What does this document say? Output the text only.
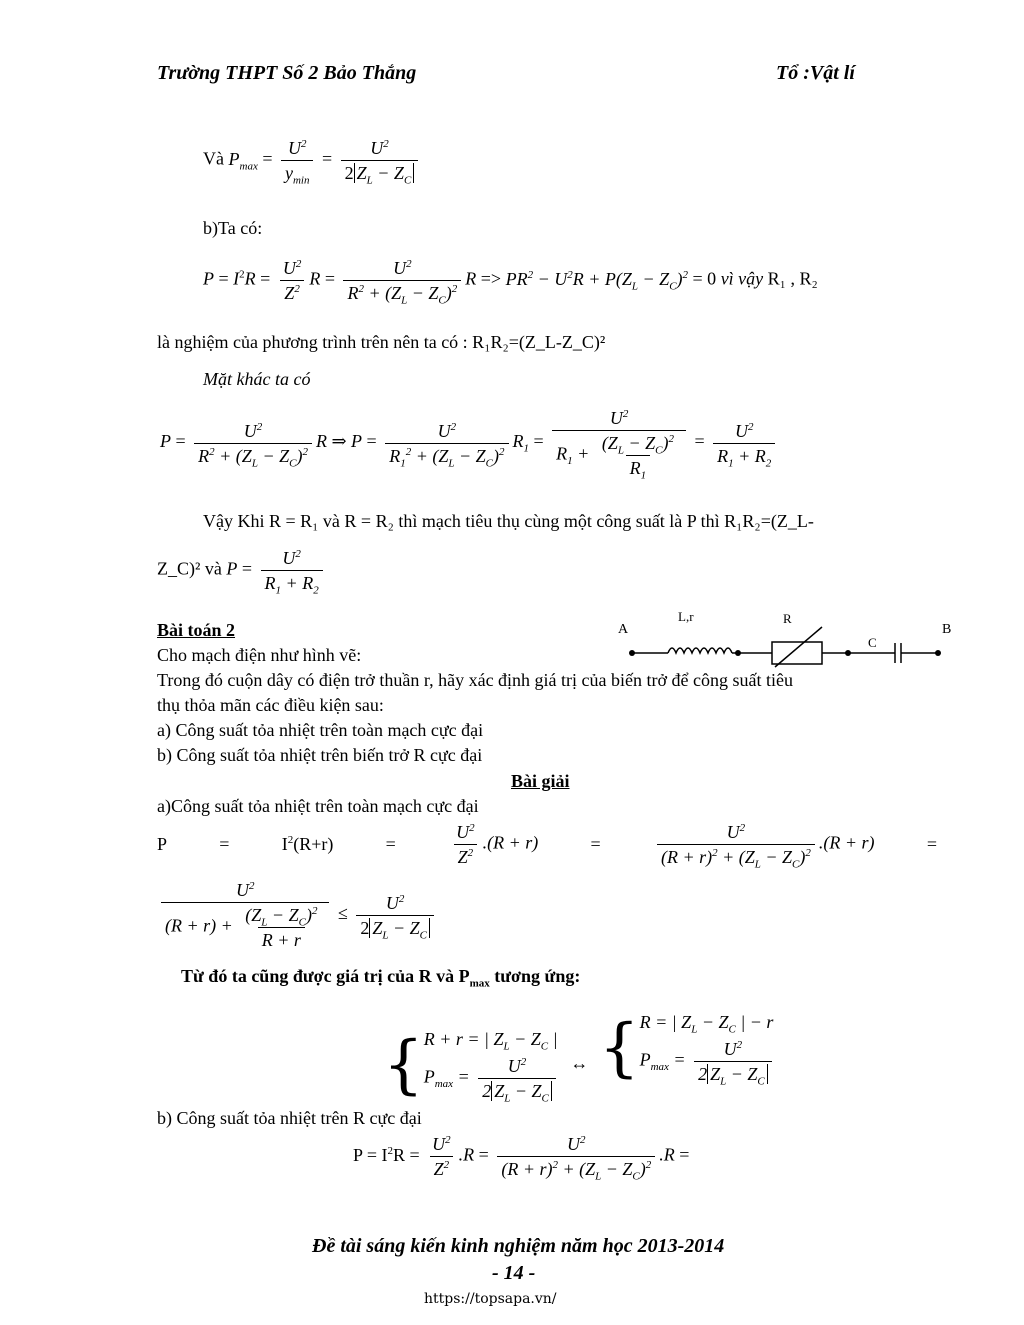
Trường THPT Số 2 Bảo Thắng	Tổ :Vật lí
Và $P_{max} = \frac{U^2}{y_{min}} = \frac{U^2}{2 Z_L - Z_C}$
b)Ta có:
$P = I^2R = \frac{U^2}{Z^2}$ $R = \frac{U^2}{R^2 + (Z_L - Z_C)^2}$ $R => PR^2 - U^2R + P(Z_L - Z_C)^2 = 0$ vì vậy R₁ , R₂
là nghiệm của phương trình trên nên ta có : R₁R₂=(Z_L-Z_C)²
Mặt khác ta có
$P = \frac{U^2}{R^2 + (Z_L - Z_C)^2}$ R ⇒ $P = \frac{U^2}{R_1^2 + (Z_L - Z_C)^2} R_1 = \frac{U^2}{R_1 + \frac{(Z_L - Z_C)^2}{R_1}} = \frac{U^2}{R_1 + R_2}$
Vậy Khi R = R₁ và R = R₂ thì mạch tiêu thụ cùng một công suất là P thì R₁R₂=(Z_L-
Z_C)² và $P = \frac{U^2}{R_1 + R_2}$
Bài toán 2
Cho mạch điện như hình vẽ:
Trong đó cuộn dây có điện trở thuần r, hãy xác định giá trị của biến trở để công suất tiêu
thụ thỏa mãn các điều kiện sau:
a) Công suất tỏa nhiệt trên toàn mạch cực đại
b) Công suất tỏa nhiệt trên biến trở R cực đại
A	B
L,r	R
C
Bài giải
a)Công suất tỏa nhiệt trên toàn mạch cực đại
P	=	$I^2(R+r)$	=	$\frac{U^2}{Z^2} .(R + r)$	=	$\frac{U^2}{(R + r)^2 + (Z_L - Z_C)^2} .(R + r)$	=
$\frac{U^2}{(R + r) + \frac{(Z_L - Z_C)^2}{R + r}} \le \frac{U^2}{2 Z_L - Z_C}$
Từ đó ta cũng được giá trị của R và $P_{max}$ tương ứng:
{ R + r = | $Z_L - Z_C$ |
$P_{max} = \frac{U^2}{2 Z_L - Z_C}$ ↔ { R = | $Z_L - Z_C$ | − r
$P_{max} = \frac{U^2}{2 Z_L - Z_C}$
b) Công suất tỏa nhiệt trên R cực đại
$P = I^2R = \frac{U^2}{Z^2} .R = \frac{U^2}{(R + r)^2 + (Z_L - Z_C)^2} .R$ =
Đề tài sáng kiến kinh nghiệm năm học 2013-2014
- 14 -
https://topsapa.vn/
